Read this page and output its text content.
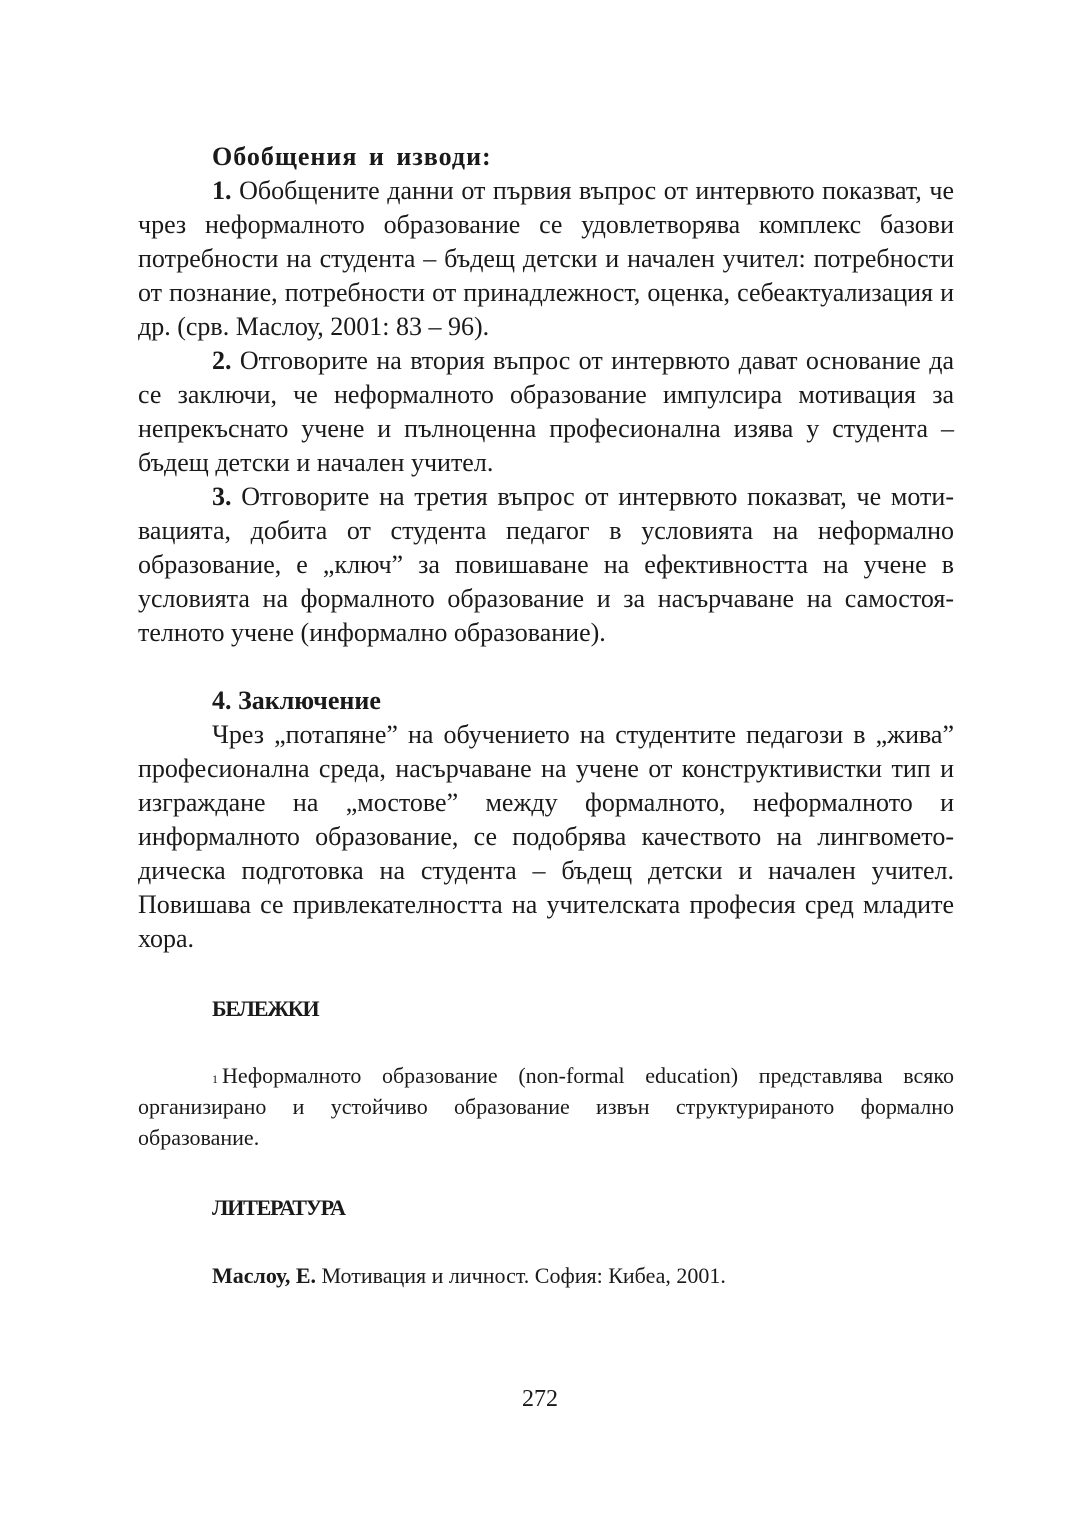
Обобщения и изводи:

1. Обобщените данни от първия въпрос от интервюто показват, че чрез неформалното образование се удовлетворява комплекс базови потребности на студента – бъдещ детски и начален учител: потребности от познание, потребности от принадлежност, оценка, себеактуализация и др. (срв. Маслоу, 2001: 83 – 96).

2. Отговорите на втория въпрос от интервюто дават основание да се заключи, че неформалното образование импулсира мотивация за непрекъснато учене и пълноценна професионална изява у студента – бъдещ детски и начален учител.

3. Отговорите на третия въпрос от интервюто показват, че мотивацията, добита от студента педагог в условията на неформално образование, е „ключ” за повишаване на ефективността на учене в условията на формалното образование и за насърчаване на самостоятелното учене (информално образование).

4. Заключение

Чрез „потапяне” на обучението на студентите педагози в „жива” професионална среда, насърчаване на учене от конструктивистки тип и изграждане на „мостове” между формалното, неформалното и информалното образование, се подобрява качеството на лингвометодическа подготовка на студента – бъдещ детски и начален учител. Повишава се привлекателността на учителската професия сред младите хора.

БЕЛЕЖКИ

$^1$ Неформалното образование (non-formal education) представлява всяко организирано и устойчиво образование извън структурираното формално образование.

ЛИТЕРАТУРА
Маслоу, Е. Мотивация и личност. София: Кибеа, 2001.
272
